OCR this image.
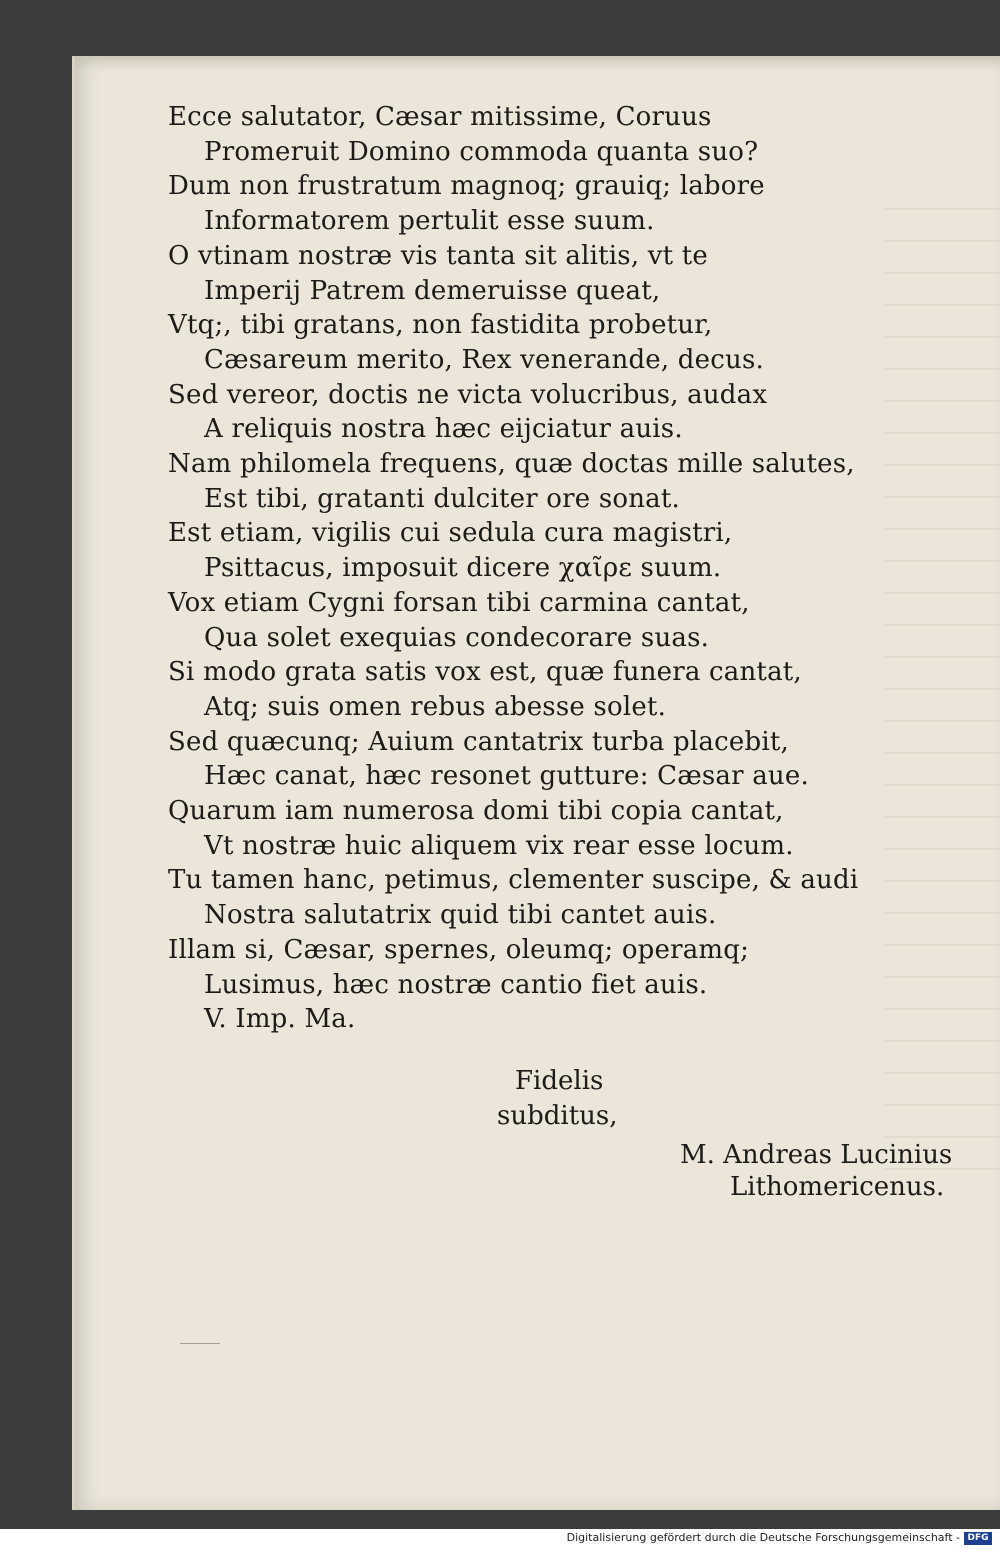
Ecce salutator, Cæsar mitissime, Coruus
Promeruit Domino commoda quanta suo?
Dum non frustratum magnoq; grauiq; labore
Informatorem pertulit esse suum.
O vtinam nostræ vis tanta sit alitis, vt te
Imperij Patrem demeruisse queat,
Vtq;, tibi gratans, non fastidita probetur,
Cæsareum merito, Rex venerande, decus.
Sed vereor, doctis ne victa volucribus, audax
A reliquis nostra hæc eijciatur auis.
Nam philomela frequens, quæ doctas mille salutes,
Est tibi, gratanti dulciter ore sonat.
Est etiam, vigilis cui sedula cura magistri,
Psittacus, imposuit dicere χαῖρε suum.
Vox etiam Cygni forsan tibi carmina cantat,
Qua solet exequias condecorare suas.
Si modo grata satis vox est, quæ funera cantat,
Atq; suis omen rebus abesse solet.
Sed quæcunq; Auium cantatrix turba placebit,
Hæc canat, hæc resonet gutture: Cæsar aue.
Quarum iam numerosa domi tibi copia cantat,
Vt nostræ huic aliquem vix rear esse locum.
Tu tamen hanc, petimus, clementer suscipe, & audi
Nostra salutatrix quid tibi cantet auis.
Illam si, Cæsar, spernes, oleumq; operamq;
Lusimus, hæc nostræ cantio fiet auis.
V. Imp. Ma.
Fidelis
subditus,
M. Andreas Lucinius
Lithomericenus.
Digitalisierung gefördert durch die Deutsche Forschungsgemeinschaft - DFG
